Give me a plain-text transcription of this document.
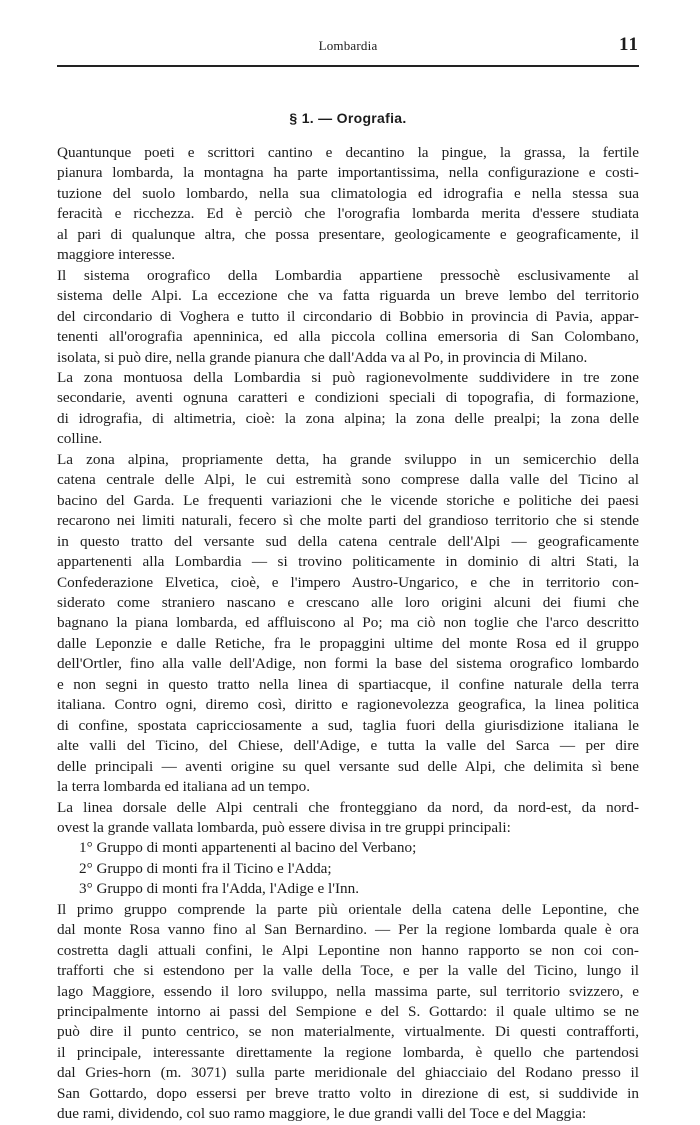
Lombardia	11
§ 1. — Orografia.
Quantunque poeti e scrittori cantino e decantino la pingue, la grassa, la fertile
pianura lombarda, la montagna ha parte importantissima, nella configurazione e costi-
tuzione del suolo lombardo, nella sua climatologia ed idrografia e nella stessa sua
feracità e ricchezza. Ed è perciò che l'orografia lombarda merita d'essere studiata
al pari di qualunque altra, che possa presentare, geologicamente e geograficamente, il
maggiore interesse.
Il sistema orografico della Lombardia appartiene pressochè esclusivamente al
sistema delle Alpi. La eccezione che va fatta riguarda un breve lembo del territorio
del circondario di Voghera e tutto il circondario di Bobbio in provincia di Pavia, appar-
tenenti all'orografia apenninica, ed alla piccola collina emersoria di San Colombano,
isolata, si può dire, nella grande pianura che dall'Adda va al Po, in provincia di Milano.
La zona montuosa della Lombardia si può ragionevolmente suddividere in tre zone
secondarie, aventi ognuna caratteri e condizioni speciali di topografia, di formazione,
di idrografia, di altimetria, cioè: la zona alpina; la zona delle prealpi; la zona delle
colline.
La zona alpina, propriamente detta, ha grande sviluppo in un semicerchio della
catena centrale delle Alpi, le cui estremità sono comprese dalla valle del Ticino al
bacino del Garda. Le frequenti variazioni che le vicende storiche e politiche dei paesi
recarono nei limiti naturali, fecero sì che molte parti del grandioso territorio che si stende
in questo tratto del versante sud della catena centrale dell'Alpi — geograficamente
appartenenti alla Lombardia — si trovino politicamente in dominio di altri Stati, la
Confederazione Elvetica, cioè, e l'impero Austro-Ungarico, e che in territorio con-
siderato come straniero nascano e crescano alle loro origini alcuni dei fiumi che
bagnano la piana lombarda, ed affluiscono al Po; ma ciò non toglie che l'arco descritto
dalle Leponzie e dalle Retiche, fra le propaggini ultime del monte Rosa ed il gruppo
dell'Ortler, fino alla valle dell'Adige, non formi la base del sistema orografico lombardo
e non segni in questo tratto nella linea di spartiacque, il confine naturale della terra
italiana. Contro ogni, diremo così, diritto e ragionevolezza geografica, la linea politica
di confine, spostata capricciosamente a sud, taglia fuori della giurisdizione italiana le
alte valli del Ticino, del Chiese, dell'Adige, e tutta la valle del Sarca — per dire
delle principali — aventi origine su quel versante sud delle Alpi, che delimita sì bene
la terra lombarda ed italiana ad un tempo.
La linea dorsale delle Alpi centrali che fronteggiano da nord, da nord-est, da nord-
ovest la grande vallata lombarda, può essere divisa in tre gruppi principali:
1° Gruppo di monti appartenenti al bacino del Verbano;
2° Gruppo di monti fra il Ticino e l'Adda;
3° Gruppo di monti fra l'Adda, l'Adige e l'Inn.
Il primo gruppo comprende la parte più orientale della catena delle Lepontine, che
dal monte Rosa vanno fino al San Bernardino. — Per la regione lombarda quale è ora
costretta dagli attuali confini, le Alpi Lepontine non hanno rapporto se non coi con-
trafforti che si estendono per la valle della Toce, e per la valle del Ticino, lungo il
lago Maggiore, essendo il loro sviluppo, nella massima parte, sul territorio svizzero, e
principalmente intorno ai passi del Sempione e del S. Gottardo: il quale ultimo se ne
può dire il punto centrico, se non materialmente, virtualmente. Di questi contrafforti,
il principale, interessante direttamente la regione lombarda, è quello che partendosi
dal Gries-horn (m. 3071) sulla parte meridionale del ghiacciaio del Rodano presso il
San Gottardo, dopo essersi per breve tratto volto in direzione di est, si suddivide in
due rami, dividendo, col suo ramo maggiore, le due grandi valli del Toce e del Maggia:
